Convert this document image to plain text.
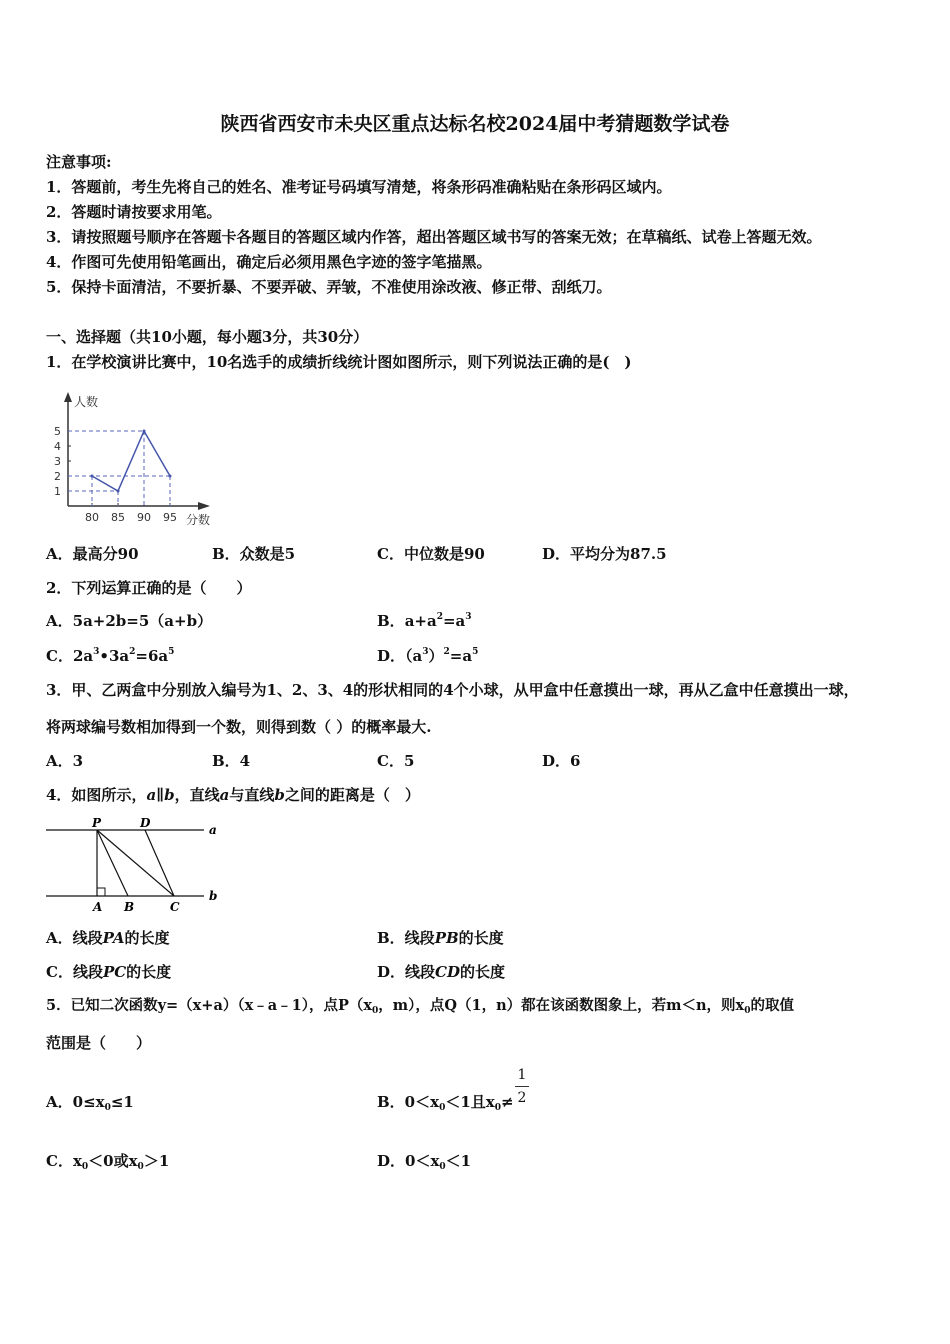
陕西省西安市未央区重点达标名校2024届中考猜题数学试卷
注意事项:
1．答题前，考生先将自己的姓名、准考证号码填写清楚，将条形码准确粘贴在条形码区域内。
2．答题时请按要求用笔。
3．请按照题号顺序在答题卡各题目的答题区域内作答，超出答题区域书写的答案无效；在草稿纸、试卷上答题无效。
4．作图可先使用铅笔画出，确定后必须用黑色字迹的签字笔描黑。
5．保持卡面清洁，不要折暴、不要弄破、弄皱，不准使用涂改液、修正带、刮纸刀。
一、选择题（共10小题，每小题3分，共30分）
1．在学校演讲比赛中，10名选手的成绩折线统计图如图所示，则下列说法正确的是(　)
1
2
3
4
5
80 85 90 95
人数
分数
A．最高分90	B．众数是5	C．中位数是90	D．平均分为87.5
2．下列运算正确的是（　　）
A．5a+2b=5（a+b）	B．$a+a^2=a^3$
C．$2a^3•3a^2=6a^5$	D．$(a^3)^2=a^5$
3．甲、乙两盒中分别放入编号为1、2、3、4的形状相同的4个小球，从甲盒中任意摸出一球，再从乙盒中任意摸出一球，
将两球编号数相加得到一个数，则得到数（ ）的概率最大.
A．3	B．4	C．5	D．6
4．如图所示，a∥b，直线a与直线b之间的距离是（　）
P	D	a
b
A B	C
A．线段PA的长度	B．线段PB的长度
C．线段PC的长度	D．线段CD的长度
5．已知二次函数y=（x+a）（x﹣a﹣1），点$P(x_0$，m），点Q（1，n）都在该函数图象上，若m＜n，则$x_0$的取值
范围是（　　）
A．$0\le x_0\le 1$	B．$0<x_0<1$且$x_0\ne$
1
2
C．$x_0<0$或$x_0>1$	D．$0<x_0<1$
